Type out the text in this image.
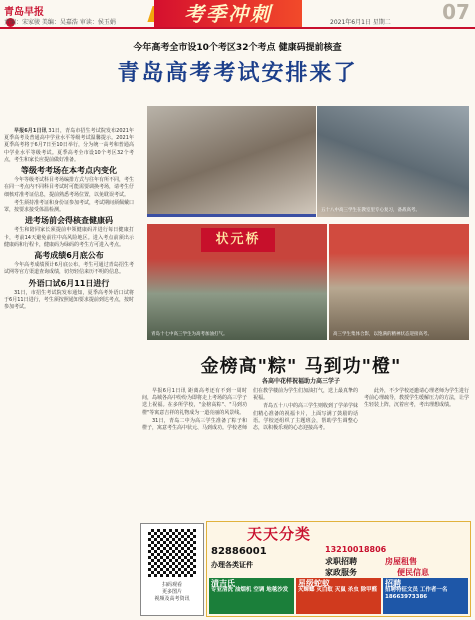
青岛早报
责编：宋家骏 美编：吴嘉浩 审读：侯玉娟	考季冲刺	2021年6月1日 星期二	07
今年高考全市设10个考区32个考点 健康码提前核查
青岛高考考试安排来了

早报6月1日讯 31日，青岛市招生考试院发布2021年夏季高考及普通高中学业水平等级考试温馨提示。2021年夏季高考将于6月7日至10日举行，分为统一高考和普通高中学业水平等级考试。夏季高考全市设10个考区32个考点，考生和家长应提前做好准备。

等级考考场在本考点内变化

今年等级考试科目考场编排方式与往年有所不同，考生在同一考点内不同科目考试时可能需要调换考场，请考生仔细核对准考证信息，提前熟悉考场位置，以免耽误考试。

考生须持准考证和身份证参加考试，考试期间须佩戴口罩，按要求接受体温检测。

进考场前会得核查健康码

考生和陪同家长须提前申领健康码并进行每日健康打卡，考前14天避免前往中高风险地区。进入考点前须出示健康码和行程卡，健康码为绿码的考生方可进入考点。

高考成绩6月底公布

今年高考成绩预计6月底公布，考生可通过青岛招生考试网等官方渠道查询成绩，切勿轻信来历不明的信息。

外语口试6月11日进行

31日，市招生考试院发布通知，夏季高考外语口试将于6月11日进行，考生须按照通知要求提前到达考点，按时参加考试。

五十八中高三学生在教室里专心复习，备战高考。
状元桥
青岛十七中高三学生为高考加油打气。	高三学生集体合影，以饱满的精神状态迎接高考。
金榜高"粽" 马到功"橙"
各高中花样祝福助力高三学子

早报6月1日讯 距离高考还有不到一周时间，岛城各高中纷纷为即将走上考场的高三学子送上祝福。在多所学校，"金榜高粽"、"马到功橙"等寓意吉祥的礼物成为一道亮丽的风景线。

31日，青岛二中为高三学生准备了粽子和橙子，寓意考生高中状元、马到成功。学校老师们在教学楼前为学生们加油打气，送上最真挚的祝福。

青岛五十八中的高三学生则收到了学弟学妹们精心准备的祝福卡片，上面写满了鼓励的话语。学校还组织了主题班会，帮助学生调整心态，以积极乐观的心态迎接高考。

此外，不少学校还邀请心理老师为学生进行考前心理疏导，教授学生缓解压力的方法，让学生轻装上阵，沉着应考，考出理想成绩。

扫码观看
更多图片
视频及高考资讯
天天分类
82886001
办理各类证件
13210018806
求职招聘	房屋租售
家政服务	便民信息
清吉氏
专业清洗 油烟机 空调 地毯沙发
星级蛇蚁
灭蟑螂 灭白蚁 灭鼠 杀虫 除甲醛
招聘
招聘特征文员 工作者一名 18663973386
